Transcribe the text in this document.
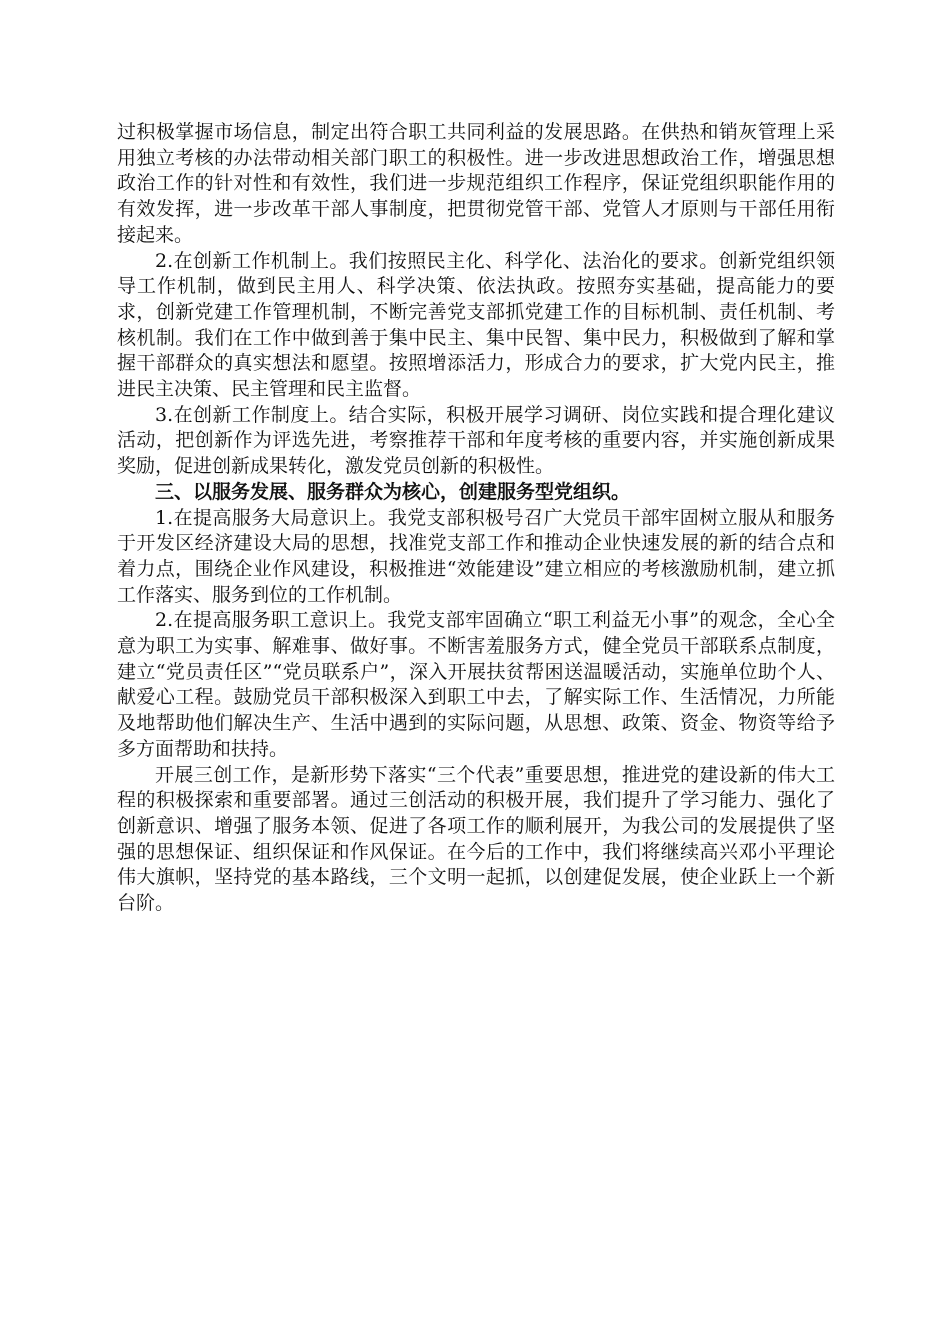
过积极掌握市场信息，制定出符合职工共同利益的发展思路。在供热和销灰管理上采用独立考核的办法带动相关部门职工的积极性。进一步改进思想政治工作，增强思想政治工作的针对性和有效性，我们进一步规范组织工作程序，保证党组织职能作用的有效发挥，进一步改革干部人事制度，把贯彻党管干部、党管人才原则与干部任用衔接起来。

2.在创新工作机制上。我们按照民主化、科学化、法治化的要求。创新党组织领导工作机制，做到民主用人、科学决策、依法执政。按照夯实基础，提高能力的要求，创新党建工作管理机制，不断完善党支部抓党建工作的目标机制、责任机制、考核机制。我们在工作中做到善于集中民主、集中民智、集中民力，积极做到了解和掌握干部群众的真实想法和愿望。按照增添活力，形成合力的要求，扩大党内民主，推进民主决策、民主管理和民主监督。

3.在创新工作制度上。结合实际，积极开展学习调研、岗位实践和提合理化建议活动，把创新作为评选先进，考察推荐干部和年度考核的重要内容，并实施创新成果奖励，促进创新成果转化，激发党员创新的积极性。

三、以服务发展、服务群众为核心，创建服务型党组织。

1.在提高服务大局意识上。我党支部积极号召广大党员干部牢固树立服从和服务于开发区经济建设大局的思想，找准党支部工作和推动企业快速发展的新的结合点和着力点，围绕企业作风建设，积极推进“效能建设”建立相应的考核激励机制，建立抓工作落实、服务到位的工作机制。

2.在提高服务职工意识上。我党支部牢固确立“职工利益无小事”的观念，全心全意为职工为实事、解难事、做好事。不断害羞服务方式，健全党员干部联系点制度，建立“党员责任区”“党员联系户”，深入开展扶贫帮困送温暖活动，实施单位助个人、献爱心工程。鼓励党员干部积极深入到职工中去，了解实际工作、生活情况，力所能及地帮助他们解决生产、生活中遇到的实际问题，从思想、政策、资金、物资等给予多方面帮助和扶持。

开展三创工作，是新形势下落实“三个代表”重要思想，推进党的建设新的伟大工程的积极探索和重要部署。通过三创活动的积极开展，我们提升了学习能力、强化了创新意识、增强了服务本领、促进了各项工作的顺利展开，为我公司的发展提供了坚强的思想保证、组织保证和作风保证。在今后的工作中，我们将继续高兴邓小平理论伟大旗帜，坚持党的基本路线，三个文明一起抓，以创建促发展，使企业跃上一个新台阶。
